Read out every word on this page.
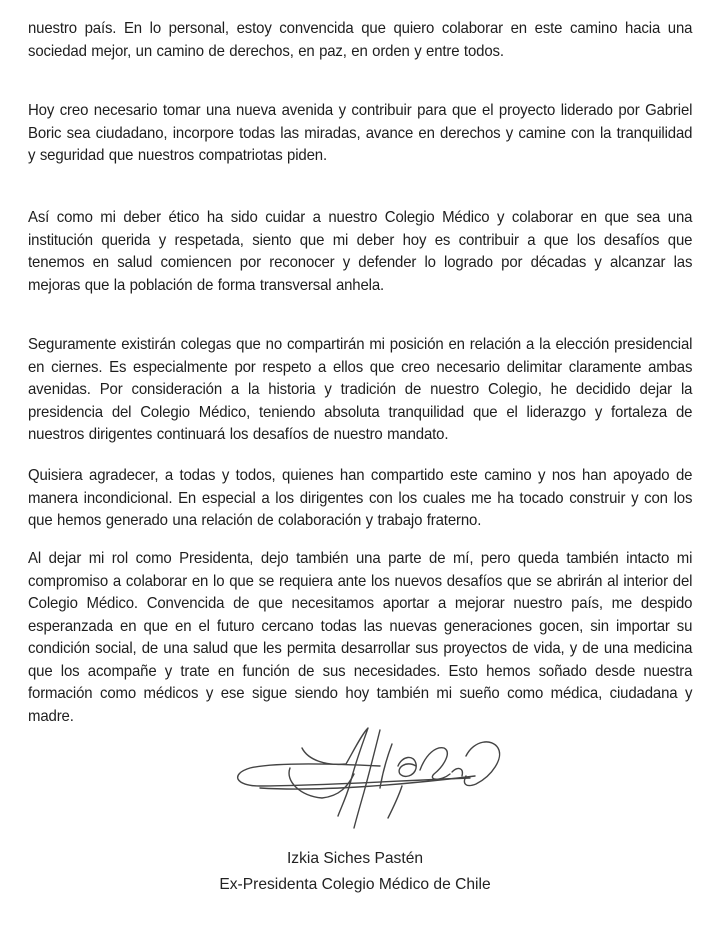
nuestro país. En lo personal, estoy convencida que quiero colaborar en este camino hacia una sociedad mejor, un camino de derechos, en paz, en orden y entre todos.

Hoy creo necesario tomar una nueva avenida y contribuir para que el proyecto liderado por Gabriel Boric sea ciudadano, incorpore todas las miradas, avance en derechos y camine con la tranquilidad y seguridad que nuestros compatriotas piden.

Así como mi deber ético ha sido cuidar a nuestro Colegio Médico y colaborar en que sea una institución querida y respetada, siento que mi deber hoy es contribuir a que los desafíos que tenemos en salud comiencen por reconocer y defender lo logrado por décadas y alcanzar las mejoras que la población de forma transversal anhela.

Seguramente existirán colegas que no compartirán mi posición en relación a la elección presidencial en ciernes. Es especialmente por respeto a ellos que creo necesario delimitar claramente ambas avenidas. Por consideración a la historia y tradición de nuestro Colegio, he decidido dejar la presidencia del Colegio Médico, teniendo absoluta tranquilidad que el liderazgo y fortaleza de nuestros dirigentes continuará los desafíos de nuestro mandato.

Quisiera agradecer, a todas y todos, quienes han compartido este camino y nos han apoyado de manera incondicional. En especial a los dirigentes con los cuales me ha tocado construir y con los que hemos generado una relación de colaboración y trabajo fraterno.

Al dejar mi rol como Presidenta, dejo también una parte de mí, pero queda también intacto mi compromiso a colaborar en lo que se requiera ante los nuevos desafíos que se abrirán al interior del Colegio Médico. Convencida de que necesitamos aportar a mejorar nuestro país, me despido esperanzada en que en el futuro cercano todas las nuevas generaciones gocen, sin importar su condición social, de una salud que les permita desarrollar sus proyectos de vida, y de una medicina que los acompañe y trate en función de sus necesidades. Esto hemos soñado desde nuestra formación como médicos y ese sigue siendo hoy también mi sueño como médica, ciudadana y madre.

Izkia Siches Pastén
Ex-Presidenta Colegio Médico de Chile
